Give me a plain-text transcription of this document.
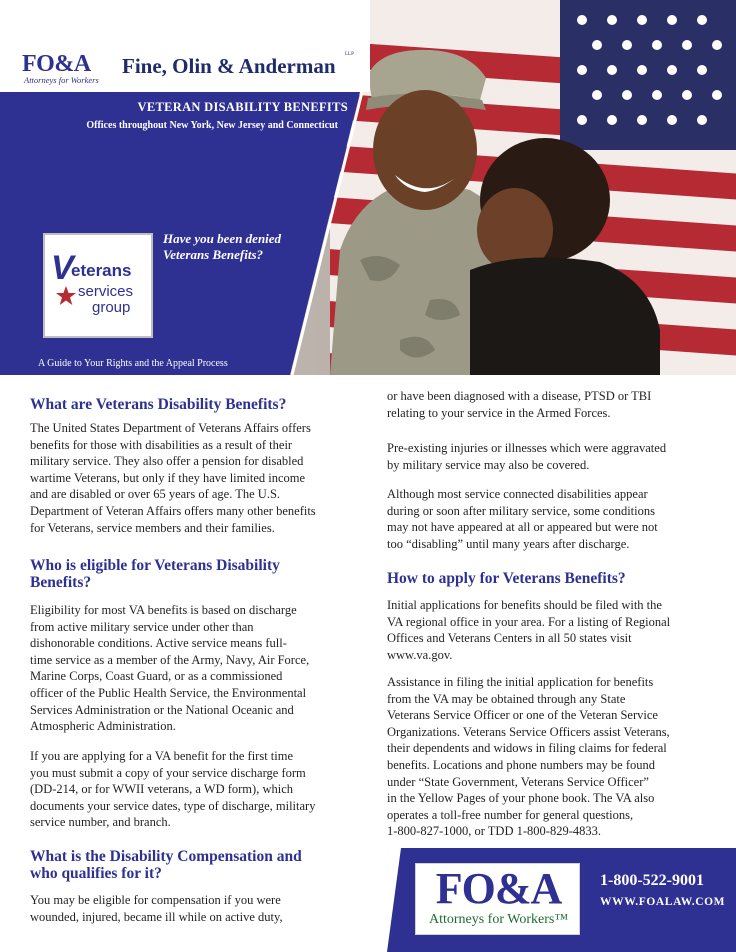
FO&A
Attorneys for Workers
Fine, Olin & Anderman LLP
VETERAN DISABILITY BENEFITS
Offices throughout New York, New Jersey and Connecticut
V
eterans
services
group
Have you been denied
Veterans Benefits?
A Guide to Your Rights and the Appeal Process
What are Veterans Disability Benefits?
The United States Department of Veterans Affairs offers
benefits for those with disabilities as a result of their
military service. They also offer a pension for disabled
wartime Veterans, but only if they have limited income
and are disabled or over 65 years of age. The U.S.
Department of Veteran Affairs offers many other benefits
for Veterans, service members and their families.
Who is eligible for Veterans Disability
Benefits?
Eligibility for most VA benefits is based on discharge
from active military service under other than
dishonorable conditions. Active service means full-
time service as a member of the Army, Navy, Air Force,
Marine Corps, Coast Guard, or as a commissioned
officer of the Public Health Service, the Environmental
Services Administration or the National Oceanic and
Atmospheric Administration.
If you are applying for a VA benefit for the first time
you must submit a copy of your service discharge form
(DD-214, or for WWII veterans, a WD form), which
documents your service dates, type of discharge, military
service number, and branch.
What is the Disability Compensation and
who qualifies for it?
You may be eligible for compensation if you were
wounded, injured, became ill while on active duty,
or have been diagnosed with a disease, PTSD or TBI
relating to your service in the Armed Forces.
Pre-existing injuries or illnesses which were aggravated
by military service may also be covered.
Although most service connected disabilities appear
during or soon after military service, some conditions
may not have appeared at all or appeared but were not
too “disabling” until many years after discharge.
How to apply for Veterans Benefits?
Initial applications for benefits should be filed with the
VA regional office in your area. For a listing of Regional
Offices and Veterans Centers in all 50 states visit
www.va.gov.
Assistance in filing the initial application for benefits
from the VA may be obtained through any State
Veterans Service Officer or one of the Veteran Service
Organizations. Veterans Service Officers assist Veterans,
their dependents and widows in filing claims for federal
benefits. Locations and phone numbers may be found
under “State Government, Veterans Service Officer”
in the Yellow Pages of your phone book. The VA also
operates a toll-free number for general questions,
1-800-827-1000, or TDD 1-800-829-4833.
FO&A
Attorneys for Workers™
1-800-522-9001
WWW.FOALAW.COM
